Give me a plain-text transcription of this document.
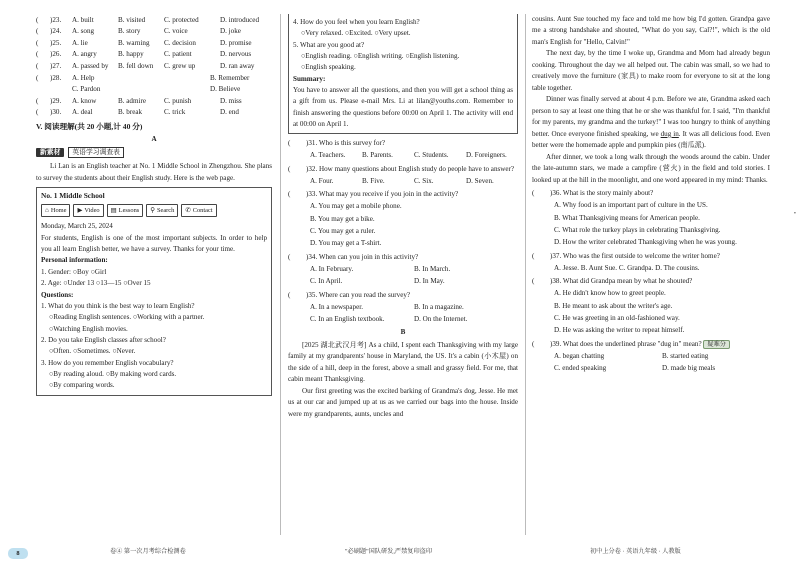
(	)23.	A. built	B. visited	C. protected	D. introduced
(	)24.	A. song	B. story	C. voice	D. joke
(	)25.	A. lie	B. warning	C. decision	D. promise
(	)26.	A. angry	B. happy	C. patient	D. nervous
(	)27.	A. passed by	B. fell down	C. grew up	D. ran away
(	)28.	A. Help	B. Remember
C. Pardon	D. Believe
(	)29.	A. know	B. admire	C. punish	D. miss
(	)30.	A. deal	B. break	C. trick	D. end
V. 阅读理解(共 20 小题,计 40 分)
A
新素材	英语学习调查表

Li Lan is an English teacher at No. 1 Middle School in Zhengzhou. She plans to survey the students about their English study. Here is the web page.

No. 1 Middle School
⌂ Home ▶ Video ▤ Lessons ⚲ Search ✆ Contact
Monday, March 25, 2024
For students, English is one of the most important subjects. In order to help you all learn English better, we have a survey. Thanks for your time.
Personal information:
1. Gender: ○Boy ○Girl
2. Age: ○Under 13 ○13—15 ○Over 15
Questions:
1. What do you think is the best way to learn English?
○Reading English sentences. ○Working with a partner.
○Watching English movies.
2. Do you take English classes after school?
○Often. ○Sometimes. ○Never.
3. How do you remember English vocabulary?
○By reading aloud. ○By making word cards.
○By comparing words.
4. How do you feel when you learn English?
○Very relaxed. ○Excited. ○Very upset.
5. What are you good at?
○English reading. ○English writing. ○English listening.
○English speaking.
Summary:
You have to answer all the questions, and then you will get a school thing as a gift from us. Please e-mail Mrs. Li at lilan@youths.com. Remember to finish answering the questions before 00:00 on April 1. The activity will end at 00:00 on April 1.
(	)31. Who is this survey for?
A. Teachers.	B. Parents.	C. Students.	D. Foreigners.
(	)32. How many questions about English study do people have to answer?
A. Four.	B. Five.	C. Six.	D. Seven.
(	)33. What may you receive if you join in the activity?
A. You may get a mobile phone.
B. You may get a bike.
C. You may get a ruler.
D. You may get a T-shirt.
(	)34. When can you join in this activity?
A. In February.	B. In March.
C. In April.	D. In May.
(	)35. Where can you read the survey?
A. In a newspaper.	B. In a magazine.
C. In an English textbook.	D. On the Internet.
B

[2025 湖北武汉月考] As a child, I spent each Thanksgiving with my large family at my grandparents' house in Maryland, the US. It's a cabin (小木屋) on the side of a hill, deep in the forest, above a small and grassy field. For me, that cabin meant Thanksgiving.

Our first greeting was the excited barking of Grandma's dog, Jesse. He met us at our car and jumped up at us as we carried our bags into the house. Inside were my grandparents, aunts, uncles and

cousins. Aunt Sue touched my face and told me how big I'd gotten. Grandpa gave me a strong handshake and shouted, "What do you say, Cal?!", which is the old man's English for "Hello, Calvin!"

The next day, by the time I woke up, Grandma and Mom had already begun cooking. Throughout the day we all helped out. The cabin was small, so we had to creatively move the furniture (家具) to make room for everyone to sit at the long table together.

Dinner was finally served at about 4 p.m. Before we ate, Grandma asked each person to say at least one thing that he or she was thankful for. I said, "I'm thankful for my parents, my grandma and the turkey!" I was too hungry to think of anything better. Once everyone finished speaking, we dug in. It was all delicious food. Even better were the homemade apple and pumpkin pies (南瓜派).

After dinner, we took a long walk through the woods around the cabin. Under the late-autumn stars, we made a campfire (营火) in the field and told stories. I looked up at the hill in the moonlight, and one word appeared in my mind: Thanks.

(	)36. What is the story mainly about?
A. Why food is an important part of culture in the US.
B. What Thanksgiving means for American people.
C. What role the turkey plays in celebrating Thanksgiving.
D. How the writer celebrated Thanksgiving when he was young.
(	)37. Who was the first outside to welcome the writer home?
A. Jesse. B. Aunt Sue. C. Grandpa. D. The cousins.
(	)38. What did Grandpa mean by what he shouted?
A. He didn't know how to greet people.
B. He meant to ask about the writer's age.
C. He was greeting in an old-fashioned way.
D. He was asking the writer to repeat himself.
(	)39. What does the underlined phrase "dug in" mean? 疑难分
A. began chatting	B. started eating
C. ended speaking	D. made big meals
•
8	卷④ 第一次月考综合检测卷	"必刷题"国队研发,严禁复印盗印	初中上分卷 · 英语九年级 · 人教版
